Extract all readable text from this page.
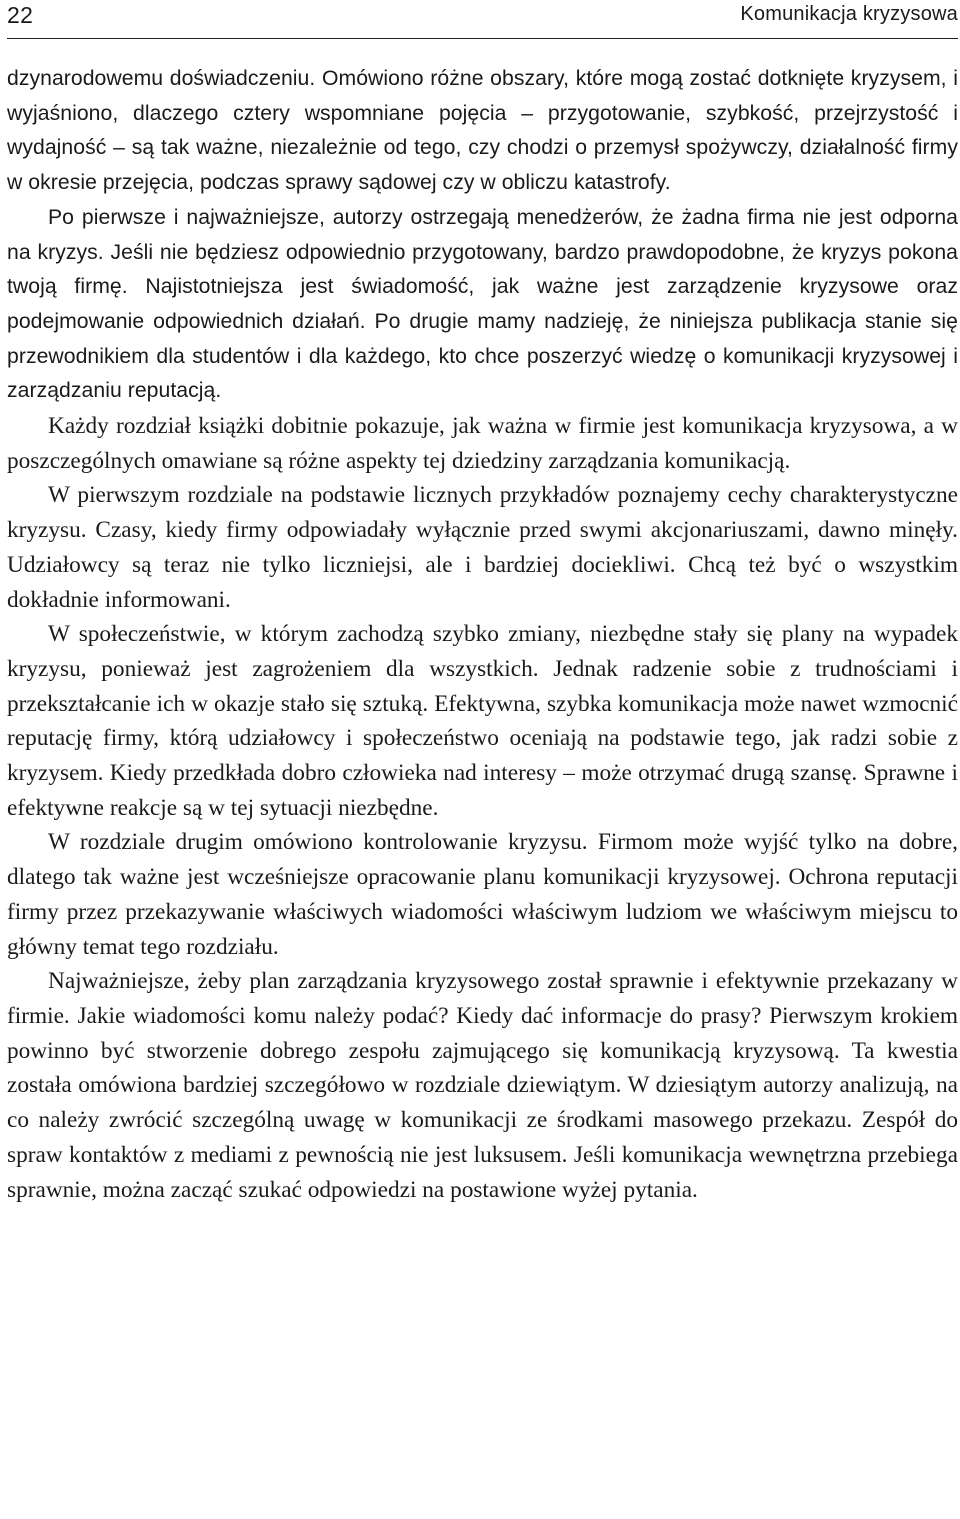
22	Komunikacja kryzysowa

dzynarodowemu doświadczeniu. Omówiono różne obszary, które mogą zostać dotknięte kryzysem, i wyjaśniono, dlaczego cztery wspomniane pojęcia – przygotowanie, szybkość, przejrzystość i wydajność – są tak ważne, niezależnie od tego, czy chodzi o przemysł spożywczy, działalność firmy w okresie przejęcia, podczas sprawy sądowej czy w obliczu katastrofy.

Po pierwsze i najważniejsze, autorzy ostrzegają menedżerów, że żadna firma nie jest odporna na kryzys. Jeśli nie będziesz odpowiednio przygotowany, bardzo prawdopodobne, że kryzys pokona twoją firmę. Najistotniejsza jest świadomość, jak ważne jest zarządzenie kryzysowe oraz podejmowanie odpowiednich działań. Po drugie mamy nadzieję, że niniejsza publikacja stanie się przewodnikiem dla studentów i dla każdego, kto chce poszerzyć wiedzę o komunikacji kryzysowej i zarządzaniu reputacją.

Każdy rozdział książki dobitnie pokazuje, jak ważna w firmie jest komunikacja kryzysowa, a w poszczególnych omawiane są różne aspekty tej dziedziny zarządzania komunikacją.

W pierwszym rozdziale na podstawie licznych przykładów poznajemy cechy charakterystyczne kryzysu. Czasy, kiedy firmy odpowiadały wyłącznie przed swymi akcjonariuszami, dawno minęły. Udziałowcy są teraz nie tylko liczniejsi, ale i bardziej dociekliwi. Chcą też być o wszystkim dokładnie informowani.

W społeczeństwie, w którym zachodzą szybko zmiany, niezbędne stały się plany na wypadek kryzysu, ponieważ jest zagrożeniem dla wszystkich. Jednak radzenie sobie z trudnościami i przekształcanie ich w okazje stało się sztuką. Efektywna, szybka komunikacja może nawet wzmocnić reputację firmy, którą udziałowcy i społeczeństwo oceniają na podstawie tego, jak radzi sobie z kryzysem. Kiedy przedkłada dobro człowieka nad interesy – może otrzymać drugą szansę. Sprawne i efektywne reakcje są w tej sytuacji niezbędne.

W rozdziale drugim omówiono kontrolowanie kryzysu. Firmom może wyjść tylko na dobre, dlatego tak ważne jest wcześniejsze opracowanie planu komunikacji kryzysowej. Ochrona reputacji firmy przez przekazywanie właściwych wiadomości właściwym ludziom we właściwym miejscu to główny temat tego rozdziału.

Najważniejsze, żeby plan zarządzania kryzysowego został sprawnie i efektywnie przekazany w firmie. Jakie wiadomości komu należy podać? Kiedy dać informacje do prasy? Pierwszym krokiem powinno być stworzenie dobrego zespołu zajmującego się komunikacją kryzysową. Ta kwestia została omówiona bardziej szczegółowo w rozdziale dziewiątym. W dziesiątym autorzy analizują, na co należy zwrócić szczególną uwagę w komunikacji ze środkami masowego przekazu. Zespół do spraw kontaktów z mediami z pewnością nie jest luksusem. Jeśli komunikacja wewnętrzna przebiega sprawnie, można zacząć szukać odpowiedzi na postawione wyżej pytania.
